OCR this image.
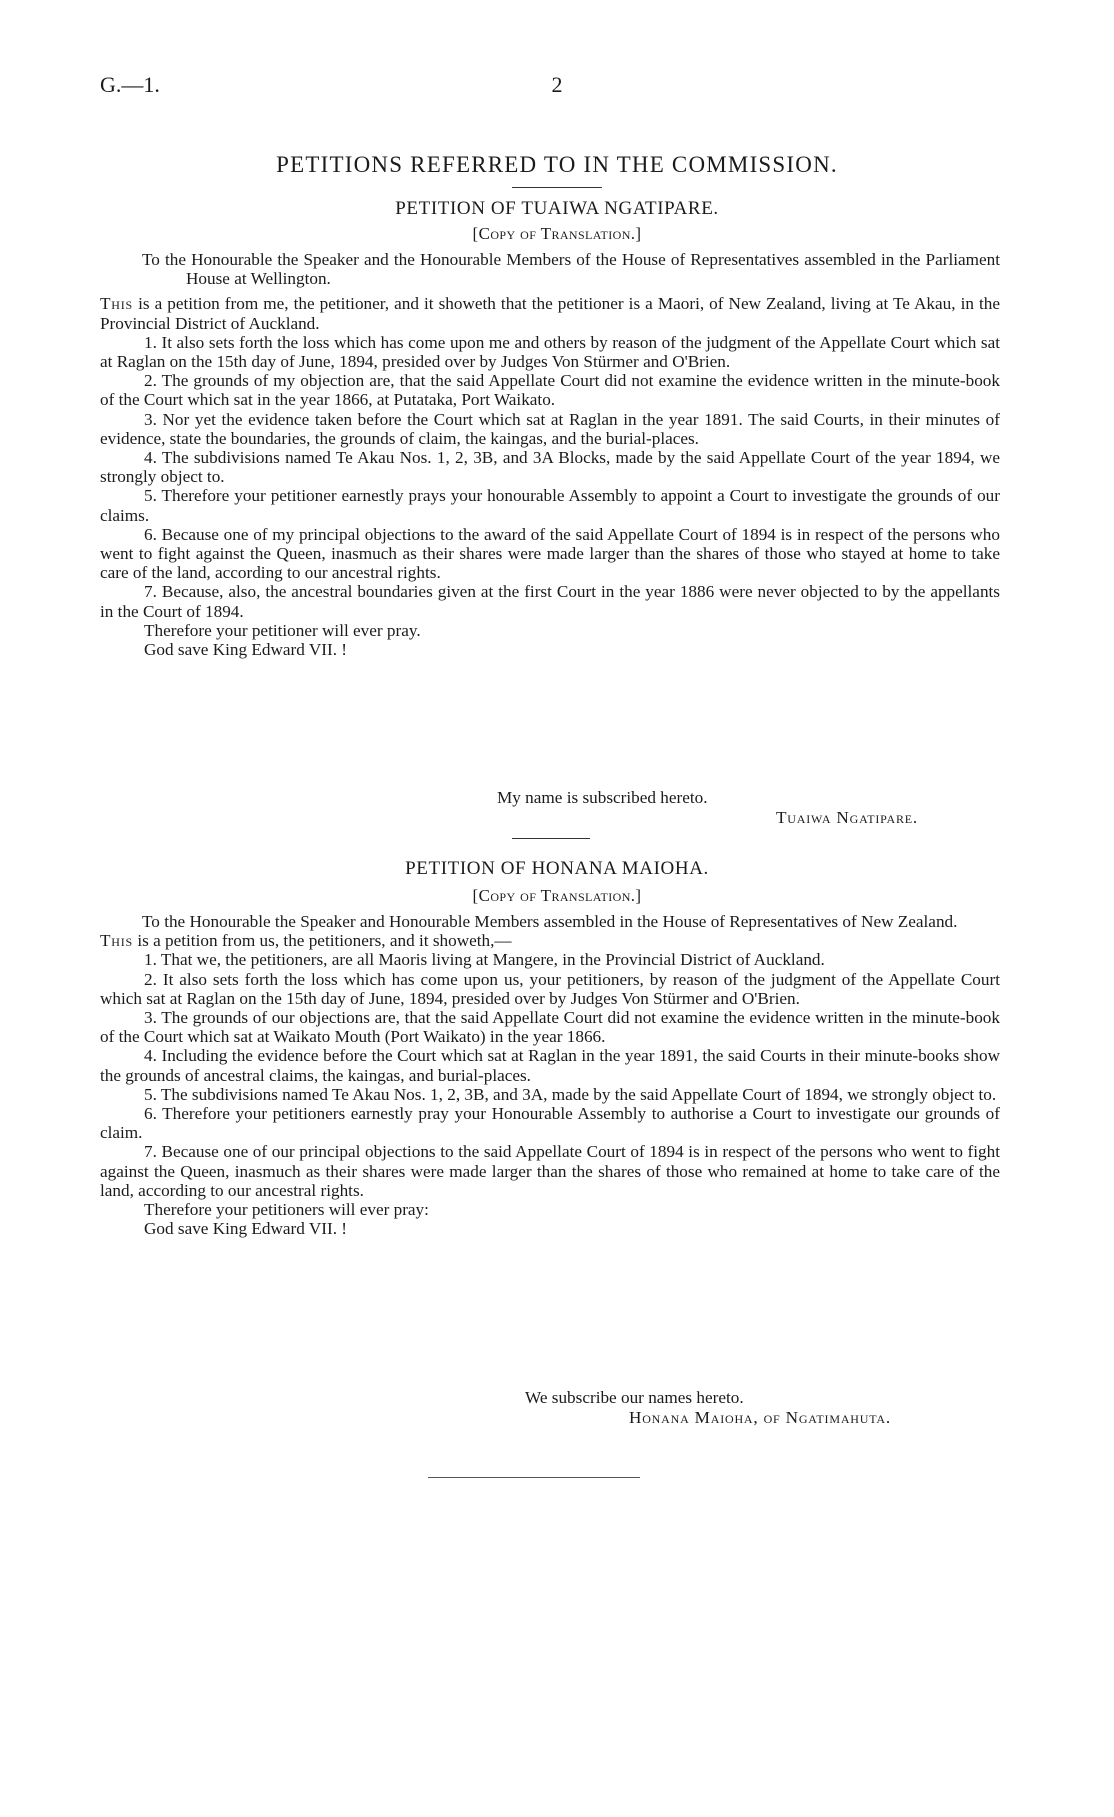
G.—1.	2
PETITIONS REFERRED TO IN THE COMMISSION.
PETITION OF TUAIWA NGATIPARE.
[Copy of Translation.]

To the Honourable the Speaker and the Honourable Members of the House of Representatives assembled in the Parliament House at Wellington.

This is a petition from me, the petitioner, and it showeth that the petitioner is a Maori, of New Zealand, living at Te Akau, in the Provincial District of Auckland.

1. It also sets forth the loss which has come upon me and others by reason of the judgment of the Appellate Court which sat at Raglan on the 15th day of June, 1894, presided over by Judges Von Stürmer and O'Brien.

2. The grounds of my objection are, that the said Appellate Court did not examine the evidence written in the minute-book of the Court which sat in the year 1866, at Putataka, Port Waikato.

3. Nor yet the evidence taken before the Court which sat at Raglan in the year 1891. The said Courts, in their minutes of evidence, state the boundaries, the grounds of claim, the kaingas, and the burial-places.

4. The subdivisions named Te Akau Nos. 1, 2, 3B, and 3A Blocks, made by the said Appellate Court of the year 1894, we strongly object to.

5. Therefore your petitioner earnestly prays your honourable Assembly to appoint a Court to investigate the grounds of our claims.

6. Because one of my principal objections to the award of the said Appellate Court of 1894 is in respect of the persons who went to fight against the Queen, inasmuch as their shares were made larger than the shares of those who stayed at home to take care of the land, according to our ancestral rights.

7. Because, also, the ancestral boundaries given at the first Court in the year 1886 were never objected to by the appellants in the Court of 1894.

Therefore your petitioner will ever pray.

God save King Edward VII. !

My name is subscribed hereto.
Tuaiwa Ngatipare.
PETITION OF HONANA MAIOHA.
[Copy of Translation.]

To the Honourable the Speaker and Honourable Members assembled in the House of Representatives of New Zealand.

This is a petition from us, the petitioners, and it showeth,—

1. That we, the petitioners, are all Maoris living at Mangere, in the Provincial District of Auckland.

2. It also sets forth the loss which has come upon us, your petitioners, by reason of the judgment of the Appellate Court which sat at Raglan on the 15th day of June, 1894, presided over by Judges Von Stürmer and O'Brien.

3. The grounds of our objections are, that the said Appellate Court did not examine the evidence written in the minute-book of the Court which sat at Waikato Mouth (Port Waikato) in the year 1866.

4. Including the evidence before the Court which sat at Raglan in the year 1891, the said Courts in their minute-books show the grounds of ancestral claims, the kaingas, and burial-places.

5. The subdivisions named Te Akau Nos. 1, 2, 3B, and 3A, made by the said Appellate Court of 1894, we strongly object to.

6. Therefore your petitioners earnestly pray your Honourable Assembly to authorise a Court to investigate our grounds of claim.

7. Because one of our principal objections to the said Appellate Court of 1894 is in respect of the persons who went to fight against the Queen, inasmuch as their shares were made larger than the shares of those who remained at home to take care of the land, according to our ancestral rights.

Therefore your petitioners will ever pray:

God save King Edward VII. !

We subscribe our names hereto.
Honana Maioha, of Ngatimahuta.
